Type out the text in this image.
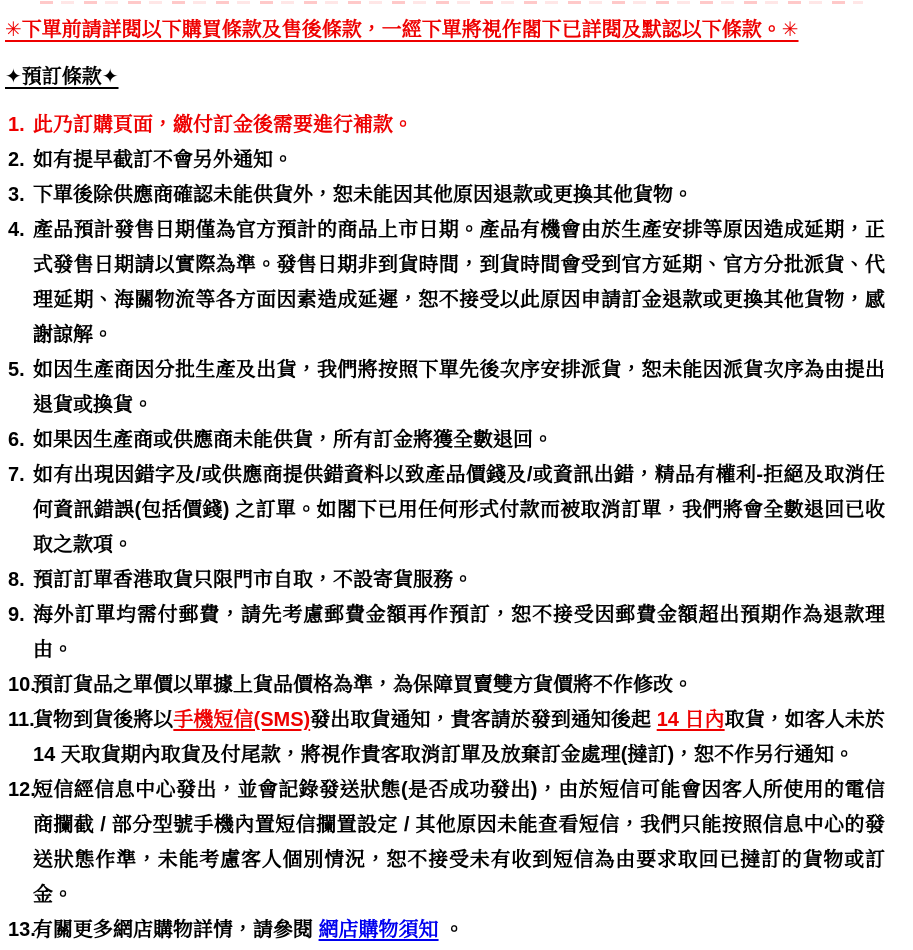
✳下單前請詳閱以下購買條款及售後條款，一經下單將視作閣下已詳閱及默認以下條款。✳

✦預訂條款✦
1. 此乃訂購頁面，繳付訂金後需要進行補款。
2. 如有提早截訂不會另外通知。
3. 下單後除供應商確認未能供貨外，恕未能因其他原因退款或更換其他貨物。
4. 產品預計發售日期僅為官方預計的商品上市日期。產品有機會由於生產安排等原因造成延期，正式發售日期請以實際為準。發售日期非到貨時間，到貨時間會受到官方延期、官方分批派貨、代理延期、海關物流等各方面因素造成延遲，恕不接受以此原因申請訂金退款或更換其他貨物，感謝諒解。
5. 如因生產商因分批生產及出貨，我們將按照下單先後次序安排派貨，恕未能因派貨次序為由提出退貨或換貨。
6. 如果因生產商或供應商未能供貨，所有訂金將獲全數退回。
7. 如有出現因錯字及/或供應商提供錯資料以致產品價錢及/或資訊出錯，精品有權利-拒絕及取消任何資訊錯誤(包括價錢) 之訂單。如閣下已用任何形式付款而被取消訂單，我們將會全數退回已收取之款項。
8. 預訂訂單香港取貨只限門市自取，不設寄貨服務。
9. 海外訂單均需付郵費，請先考慮郵費金額再作預訂，恕不接受因郵費金額超出預期作為退款理由。
10.
預訂貨品之單價以單據上貨品價格為準，為保障買賣雙方貨價將不作修改。
11.
貨物到貨後將以手機短信(SMS)發出取貨通知，貴客請於發到通知後起 14 日內取貨，如客人未於 14 天取貨期內取貨及付尾款，將視作貴客取消訂單及放棄訂金處理(撻訂)，恕不作另行通知。
12.
短信經信息中心發出，並會記錄發送狀態(是否成功發出)，由於短信可能會因客人所使用的電信商攔截 / 部分型號手機內置短信攔置設定 / 其他原因未能查看短信，我們只能按照信息中心的發送狀態作準，未能考慮客人個別情況，恕不接受未有收到短信為由要求取回已撻訂的貨物或訂金。
13.
有關更多網店購物詳情，請參閱 網店購物須知 。
